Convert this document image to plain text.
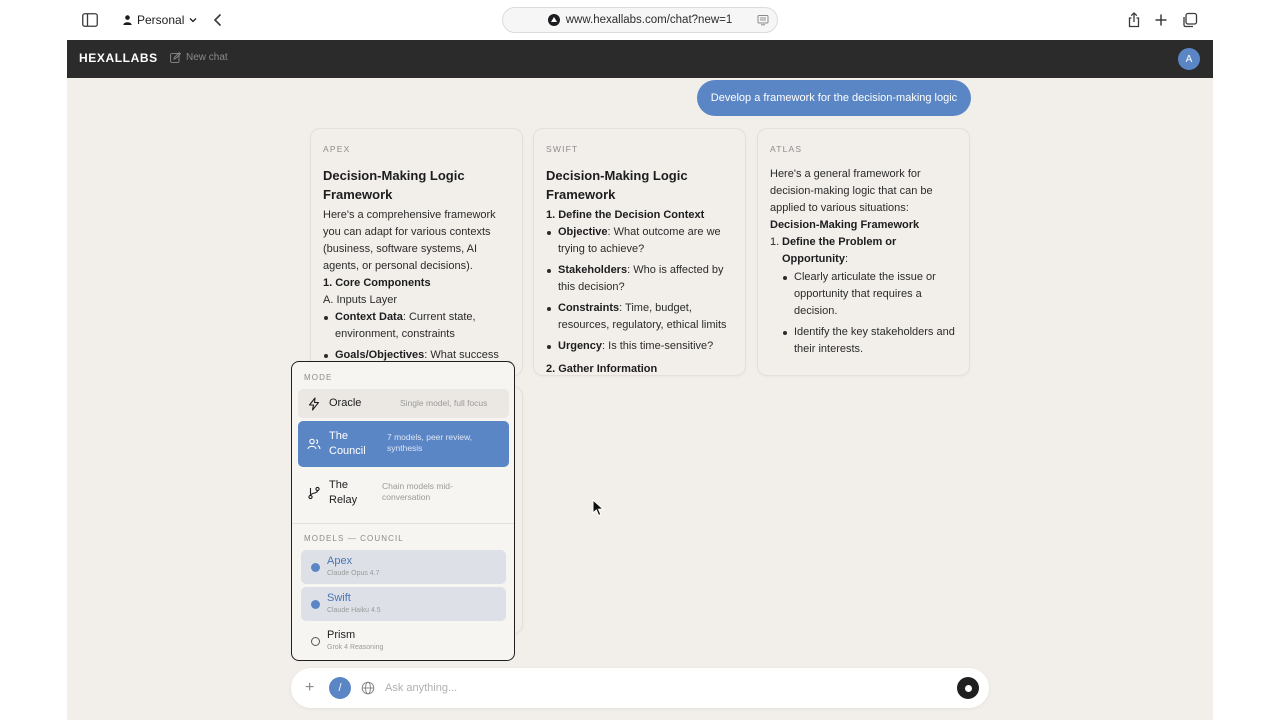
Personal	www.hexallabs.com/chat?new=1
HEXALLABS	New chat	A
Develop a framework for the decision-making logic
APEX
Decision-Making Logic Framework

Here's a comprehensive framework you can adapt for various contexts (business, software systems, AI agents, or personal decisions).

1. Core Components

A. Inputs Layer

Context Data: Current state, environment, constraints
Goals/Objectives: What success
SWIFT
Decision-Making Logic Framework

1. Define the Decision Context

Objective: What outcome are we trying to achieve?
Stakeholders: Who is affected by this decision?
Constraints: Time, budget, resources, regulatory, ethical limits
Urgency: Is this time-sensitive?

2. Gather Information

ATLAS

Here's a general framework for decision-making logic that can be applied to various situations:

Decision-Making Framework

1. Define the Problem or Opportunity:
Clearly articulate the issue or opportunity that requires a decision.
Identify the key stakeholders and their interests.
MODE
Oracle	Single model, full focus
The Council
7 models, peer review, synthesis
The Relay
Chain models mid-conversation
MODELS — COUNCIL
Apex
Claude Opus 4.7
Swift
Claude Haiku 4.5
Prism
Grok 4 Reasoning
+	/
Ask anything...
